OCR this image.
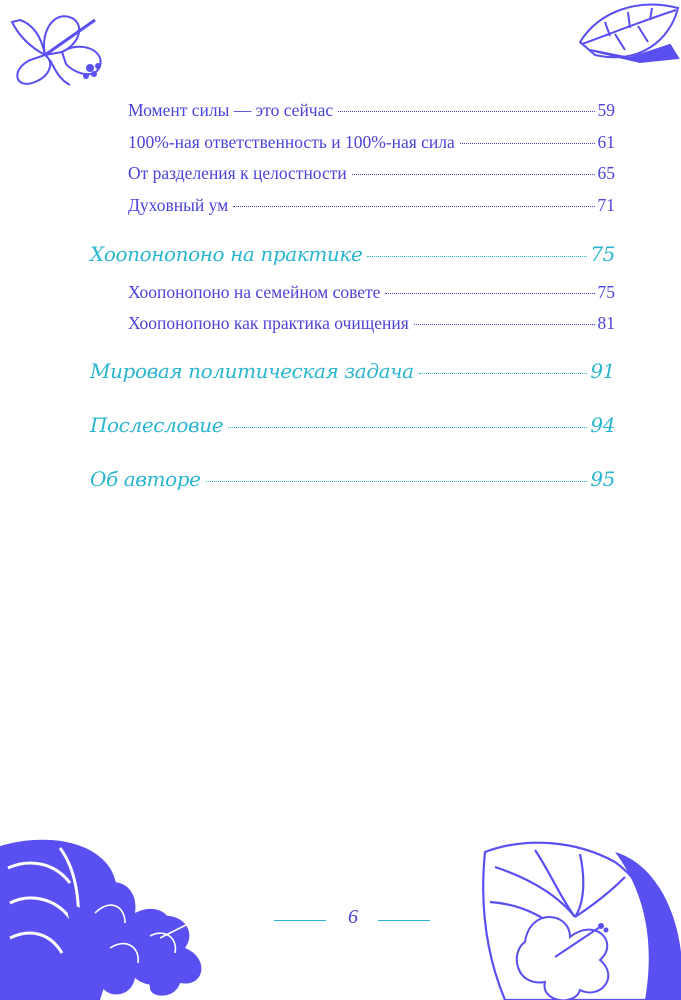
Момент силы — это сейчас	59
100%-ная ответственность и 100%-ная сила	61
От разделения к целостности	65
Духовный ум	71
Хоопонопоно на практике	75
Хоопонопоно на семейном совете	75
Хоопонопоно как практика очищения	81
Мировая политическая задача	91
Послесловие	94
Об авторе	95
6
